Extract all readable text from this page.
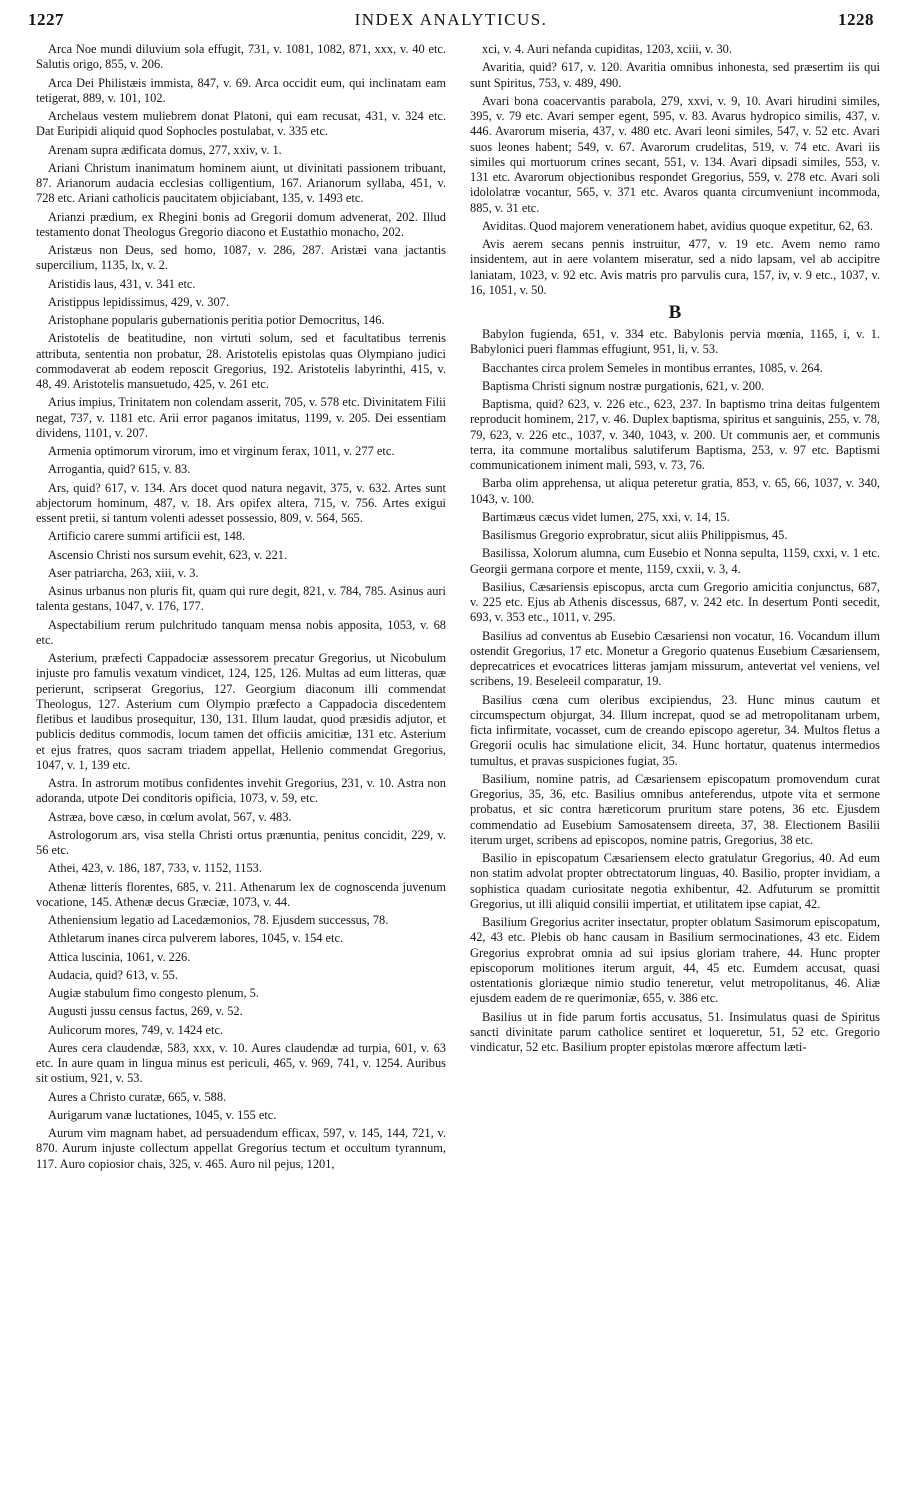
1227	INDEX ANALYTICUS.	1228

Arca Noe mundi diluvium sola effugit, 731, v. 1081, 1082, 871, xxx, v. 40 etc. Salutis origo, 855, v. 206.

Arca Dei Philistæis immista, 847, v. 69. Arca occidit eum, qui inclinatam eam tetigerat, 889, v. 101, 102.

Archelaus vestem muliebrem donat Platoni, qui eam recusat, 431, v. 324 etc. Dat Euripidi aliquid quod Sophocles postulabat, v. 335 etc.

Arenam supra ædificata domus, 277, xxiv, v. 1.

Ariani Christum inanimatum hominem aiunt, ut divinitati passionem tribuant, 87. Arianorum audacia ecclesias colligentium, 167. Arianorum syllaba, 451, v. 728 etc. Ariani catholicis paucitatem objiciabant, 135, v. 1493 etc.

Arianzi prædium, ex Rhegini bonis ad Gregorii domum advenerat, 202. Illud testamento donat Theologus Gregorio diacono et Eustathio monacho, 202.

Aristæus non Deus, sed homo, 1087, v. 286, 287. Aristæi vana jactantis supercilium, 1135, lx, v. 2.

Aristidis laus, 431, v. 341 etc.

Aristippus lepidissimus, 429, v. 307.

Aristophane popularis gubernationis peritia potior Democritus, 146.

Aristotelis de beatitudine, non virtuti solum, sed et facultatibus terrenis attributa, sententia non probatur, 28. Aristotelis epistolas quas Olympiano judici commodaverat ab eodem reposcit Gregorius, 192. Aristotelis labyrinthi, 415, v. 48, 49. Aristotelis mansuetudo, 425, v. 261 etc.

Arius impius, Trinitatem non colendam asserit, 705, v. 578 etc. Divinitatem Filii negat, 737, v. 1181 etc. Arii error paganos imitatus, 1199, v. 205. Dei essentiam dividens, 1101, v. 207.

Armenia optimorum virorum, imo et virginum ferax, 1011, v. 277 etc.

Arrogantia, quid? 615, v. 83.

Ars, quid? 617, v. 134. Ars docet quod natura negavit, 375, v. 632. Artes sunt abjectorum hominum, 487, v. 18. Ars opifex altera, 715, v. 756. Artes exigui essent pretii, si tantum volenti adesset possessio, 809, v. 564, 565.

Artificio carere summi artificii est, 148.

Ascensio Christi nos sursum evehit, 623, v. 221.

Aser patriarcha, 263, xiii, v. 3.

Asinus urbanus non pluris fit, quam qui rure degit, 821, v. 784, 785. Asinus auri talenta gestans, 1047, v. 176, 177.

Aspectabilium rerum pulchritudo tanquam mensa nobis apposita, 1053, v. 68 etc.

Asterium, præfecti Cappadociæ assessorem precatur Gregorius, ut Nicobulum injuste pro famulis vexatum vindicet, 124, 125, 126. Multas ad eum litteras, quæ perierunt, scripserat Gregorius, 127. Georgium diaconum illi commendat Theologus, 127. Asterium cum Olympio præfecto a Cappadocia discedentem fletibus et laudibus prosequitur, 130, 131. Illum laudat, quod præsidis adjutor, et publicis deditus commodis, locum tamen det officiis amicitiæ, 131 etc. Asterium et ejus fratres, quos sacram triadem appellat, Hellenio commendat Gregorius, 1047, v. 1, 139 etc.

Astra. In astrorum motibus confidentes invehit Gregorius, 231, v. 10. Astra non adoranda, utpote Dei conditoris opificia, 1073, v. 59, etc.

Astræa, bove cæso, in cœlum avolat, 567, v. 483.

Astrologorum ars, visa stella Christi ortus prænuntia, penitus concidit, 229, v. 56 etc.

Athei, 423, v. 186, 187, 733, v. 1152, 1153.

Athenæ litteris florentes, 685, v. 211. Athenarum lex de cognoscenda juvenum vocatione, 145. Athenæ decus Græciæ, 1073, v. 44.

Atheniensium legatio ad Lacedæmonios, 78. Ejusdem successus, 78.

Athletarum inanes circa pulverem labores, 1045, v. 154 etc.

Attica luscinia, 1061, v. 226.

Audacia, quid? 613, v. 55.

Augiæ stabulum fimo congesto plenum, 5.

Augusti jussu census factus, 269, v. 52.

Aulicorum mores, 749, v. 1424 etc.

Aures cera claudendæ, 583, xxx, v. 10. Aures claudendæ ad turpia, 601, v. 63 etc. In aure quam in lingua minus est periculi, 465, v. 969, 741, v. 1254. Auribus sit ostium, 921, v. 53.

Aures a Christo curatæ, 665, v. 588.

Aurigarum vanæ luctationes, 1045, v. 155 etc.

Aurum vim magnam habet, ad persuadendum efficax, 597, v. 145, 144, 721, v. 870. Aurum injuste collectum appellat Gregorius tectum et occultum tyrannum, 117. Auro copiosior chais, 325, v. 465. Auro nil pejus, 1201,

xci, v. 4. Auri nefanda cupiditas, 1203, xciii, v. 30.

Avaritia, quid? 617, v. 120. Avaritia omnibus inhonesta, sed præsertim iis qui sunt Spiritus, 753, v. 489, 490.

Avari bona coacervantis parabola, 279, xxvi, v. 9, 10. Avari hirudini similes, 395, v. 79 etc. Avari semper egent, 595, v. 83. Avarus hydropico similis, 437, v. 446. Avarorum miseria, 437, v. 480 etc. Avari leoni similes, 547, v. 52 etc. Avari suos leones habent; 549, v. 67. Avarorum crudelitas, 519, v. 74 etc. Avari iis similes qui mortuorum crines secant, 551, v. 134. Avari dipsadi similes, 553, v. 131 etc. Avarorum objectionibus respondet Gregorius, 559, v. 278 etc. Avari soli idololatræ vocantur, 565, v. 371 etc. Avaros quanta circumveniunt incommoda, 885, v. 31 etc.

Aviditas. Quod majorem venerationem habet, avidius quoque expetitur, 62, 63.

Avis aerem secans pennis instruitur, 477, v. 19 etc. Avem nemo ramo insidentem, aut in aere volantem miseratur, sed a nido lapsam, vel ab accipitre laniatam, 1023, v. 92 etc. Avis matris pro parvulis cura, 157, iv, v. 9 etc., 1037, v. 16, 1051, v. 50.

B

Babylon fugienda, 651, v. 334 etc. Babylonis pervia mœnia, 1165, i, v. 1. Babylonici pueri flammas effugiunt, 951, li, v. 53.

Bacchantes circa prolem Semeles in montibus errantes, 1085, v. 264.

Baptisma Christi signum nostræ purgationis, 621, v. 200.

Baptisma, quid? 623, v. 226 etc., 623, 237. In baptismo trina deitas fulgentem reproducit hominem, 217, v. 46. Duplex baptisma, spiritus et sanguinis, 255, v. 78, 79, 623, v. 226 etc., 1037, v. 340, 1043, v. 200. Ut communis aer, et communis terra, ita commune mortalibus salutiferum Baptisma, 253, v. 97 etc. Baptismi communicationem iniment mali, 593, v. 73, 76.

Barba olim apprehensa, ut aliqua peteretur gratia, 853, v. 65, 66, 1037, v. 340, 1043, v. 100.

Bartimæus cæcus videt lumen, 275, xxi, v. 14, 15.

Basilismus Gregorio exprobratur, sicut aliis Philippismus, 45.

Basilissa, Xolorum alumna, cum Eusebio et Nonna sepulta, 1159, cxxi, v. 1 etc. Georgii germana corpore et mente, 1159, cxxii, v. 3, 4.

Basilius, Cæsariensis episcopus, arcta cum Gregorio amicitia conjunctus, 687, v. 225 etc. Ejus ab Athenis discessus, 687, v. 242 etc. In desertum Ponti secedit, 693, v. 353 etc., 1011, v. 295.

Basilius ad conventus ab Eusebio Cæsariensi non vocatur, 16. Vocandum illum ostendit Gregorius, 17 etc. Monetur a Gregorio quatenus Eusebium Cæsariensem, deprecatrices et evocatrices litteras jamjam missurum, antevertat vel veniens, vel scribens, 19. Beseleeil comparatur, 19.

Basilius cœna cum oleribus excipiendus, 23. Hunc minus cautum et circumspectum objurgat, 34. Illum increpat, quod se ad metropolitanam urbem, ficta infirmitate, vocasset, cum de creando episcopo ageretur, 34. Multos fletus a Gregorii oculis hac simulatione elicit, 34. Hunc hortatur, quatenus intermedios tumultus, et pravas suspiciones fugiat, 35.

Basilium, nomine patris, ad Cæsariensem episcopatum promovendum curat Gregorius, 35, 36, etc. Basilius omnibus anteferendus, utpote vita et sermone probatus, et sic contra hæreticorum pruritum stare potens, 36 etc. Ejusdem commendatio ad Eusebium Samosatensem direeta, 37, 38. Electionem Basilii iterum urget, scribens ad episcopos, nomine patris, Gregorius, 38 etc.

Basilio in episcopatum Cæsariensem electo gratulatur Gregorius, 40. Ad eum non statim advolat propter obtrectatorum linguas, 40. Basilio, propter invidiam, a sophistica quadam curiositate negotia exhibentur, 42. Adfuturum se promittit Gregorius, ut illi aliquid consilii impertiat, et utilitatem ipse capiat, 42.

Basilium Gregorius acriter insectatur, propter oblatum Sasimorum episcopatum, 42, 43 etc. Plebis ob hanc causam in Basilium sermocinationes, 43 etc. Eidem Gregorius exprobrat omnia ad sui ipsius gloriam trahere, 44. Hunc propter episcoporum molitiones iterum arguit, 44, 45 etc. Eumdem accusat, quasi ostentationis gloriæque nimio studio teneretur, velut metropolitanus, 46. Aliæ ejusdem eadem de re querimoniæ, 655, v. 386 etc.

Basilius ut in fide parum fortis accusatus, 51. Insimulatus quasi de Spiritus sancti divinitate parum catholice sentiret et loqueretur, 51, 52 etc. Gregorio vindicatur, 52 etc. Basilium propter epistolas mœrore affectum læti-
